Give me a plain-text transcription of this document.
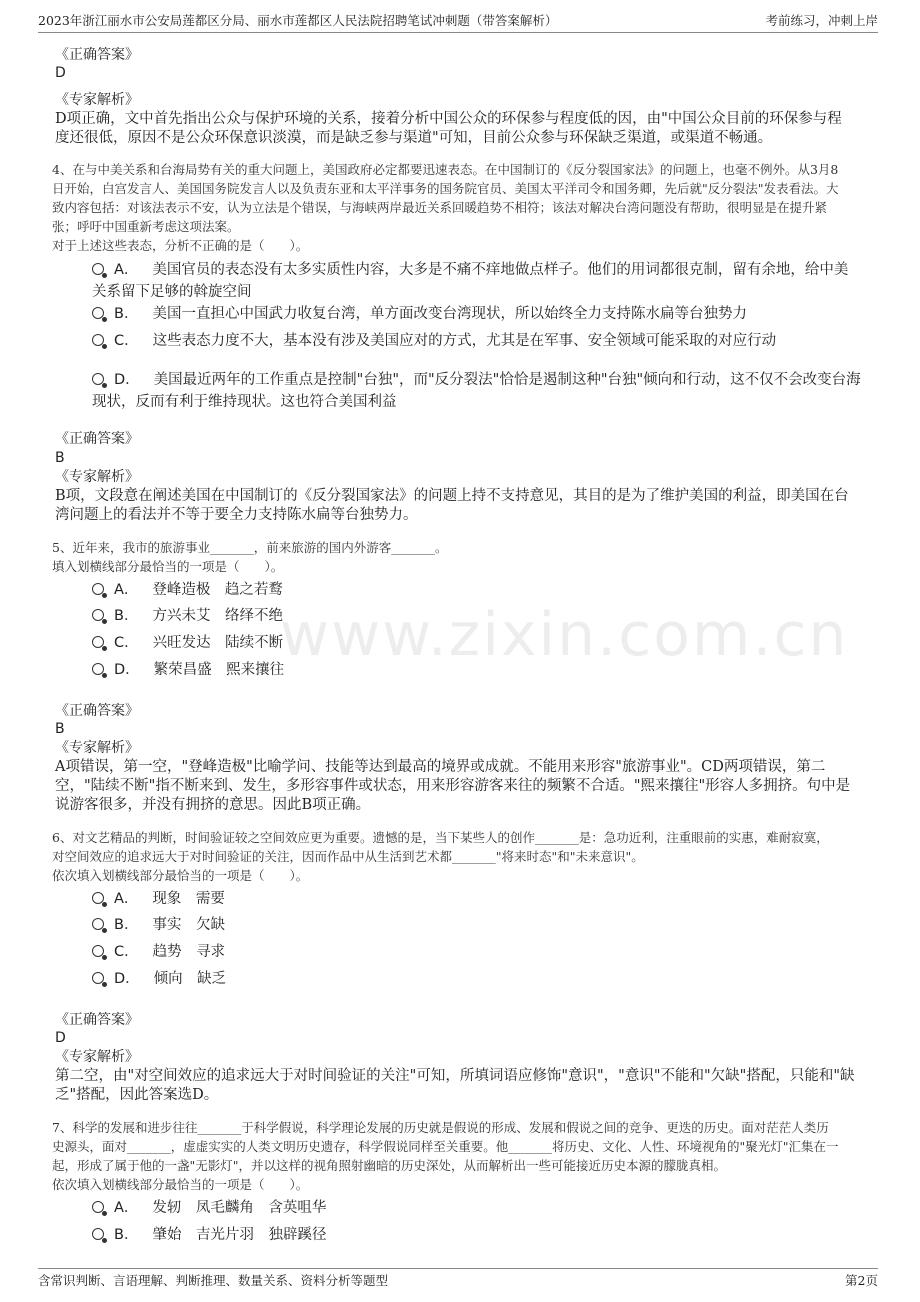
2023年浙江丽水市公安局莲都区分局、丽水市莲都区人民法院招聘笔试冲刺题（带答案解析）	考前练习，冲刺上岸
www.zixin.com.cn
《正确答案》
D
《专家解析》
D项正确，文中首先指出公众与保护环境的关系，接着分析中国公众的环保参与程度低的因，由"中国公众目前的环保参与程
度还很低，原因不是公众环保意识淡漠，而是缺乏参与渠道"可知，目前公众参与环保缺乏渠道，或渠道不畅通。
4、在与中美关系和台海局势有关的重大问题上，美国政府必定都要迅速表态。在中国制订的《反分裂国家法》的问题上，也毫不例外。从3月8
日开始，白宫发言人、美国国务院发言人以及负责东亚和太平洋事务的国务院官员、美国太平洋司令和国务卿，先后就"反分裂法"发表看法。大
致内容包括：对该法表示不安，认为立法是个错误，与海峡两岸最近关系回暖趋势不相符；该法对解决台湾问题没有帮助，很明显是在提升紧
张；呼吁中国重新考虑这项法案。
对于上述这些表态，分析不正确的是（　　）。
A． 美国官员的表态没有太多实质性内容，大多是不痛不痒地做点样子。他们的用词都很克制，留有余地，给中美
关系留下足够的斡旋空间
B． 美国一直担心中国武力收复台湾，单方面改变台湾现状，所以始终全力支持陈水扁等台独势力
C． 这些表态力度不大，基本没有涉及美国应对的方式，尤其是在军事、安全领域可能采取的对应行动
D． 美国最近两年的工作重点是控制"台独"，而"反分裂法"恰恰是遏制这种"台独"倾向和行动，这不仅不会改变台海
现状，反而有利于维持现状。这也符合美国利益
《正确答案》
B
《专家解析》
B项，文段意在阐述美国在中国制订的《反分裂国家法》的问题上持不支持意见，其目的是为了维护美国的利益，即美国在台
湾问题上的看法并不等于要全力支持陈水扁等台独势力。
5、近年来，我市的旅游事业_______，前来旅游的国内外游客_______。
填入划横线部分最恰当的一项是（　　）。
A． 登峰造极　趋之若鹜
B． 方兴未艾　络绎不绝
C． 兴旺发达　陆续不断
D． 繁荣昌盛　熙来攘往
《正确答案》
B
《专家解析》
A项错误，第一空，"登峰造极"比喻学问、技能等达到最高的境界或成就。不能用来形容"旅游事业"。CD两项错误，第二
空，"陆续不断"指不断来到、发生，多形容事件或状态，用来形容游客来往的频繁不合适。"熙来攘往"形容人多拥挤。句中是
说游客很多，并没有拥挤的意思。因此B项正确。
6、对文艺精品的判断，时间验证较之空间效应更为重要。遗憾的是，当下某些人的创作_______是：急功近利，注重眼前的实惠，难耐寂寞，
对空间效应的追求远大于对时间验证的关注，因而作品中从生活到艺术都_______"将来时态"和"未来意识"。
依次填入划横线部分最恰当的一项是（　　）。
A． 现象　需要
B． 事实　欠缺
C． 趋势　寻求
D． 倾向　缺乏
《正确答案》
D
《专家解析》
第二空，由"对空间效应的追求远大于对时间验证的关注"可知，所填词语应修饰"意识"，"意识"不能和"欠缺"搭配，只能和"缺
乏"搭配，因此答案选D。
7、科学的发展和进步往往_______于科学假说，科学理论发展的历史就是假说的形成、发展和假说之间的竞争、更迭的历史。面对茫茫人类历
史源头，面对_______，虚虚实实的人类文明历史遗存，科学假说同样至关重要。他_______将历史、文化、人性、环境视角的"聚光灯"汇集在一
起，形成了属于他的一盏"无影灯"，并以这样的视角照射幽暗的历史深处，从而解析出一些可能接近历史本源的朦胧真相。
依次填入划横线部分最恰当的一项是（　　）。
A． 发轫　凤毛麟角　含英咀华
B． 肇始　吉光片羽　独辟蹊径
含常识判断、言语理解、判断推理、数量关系、资料分析等题型	第2页
